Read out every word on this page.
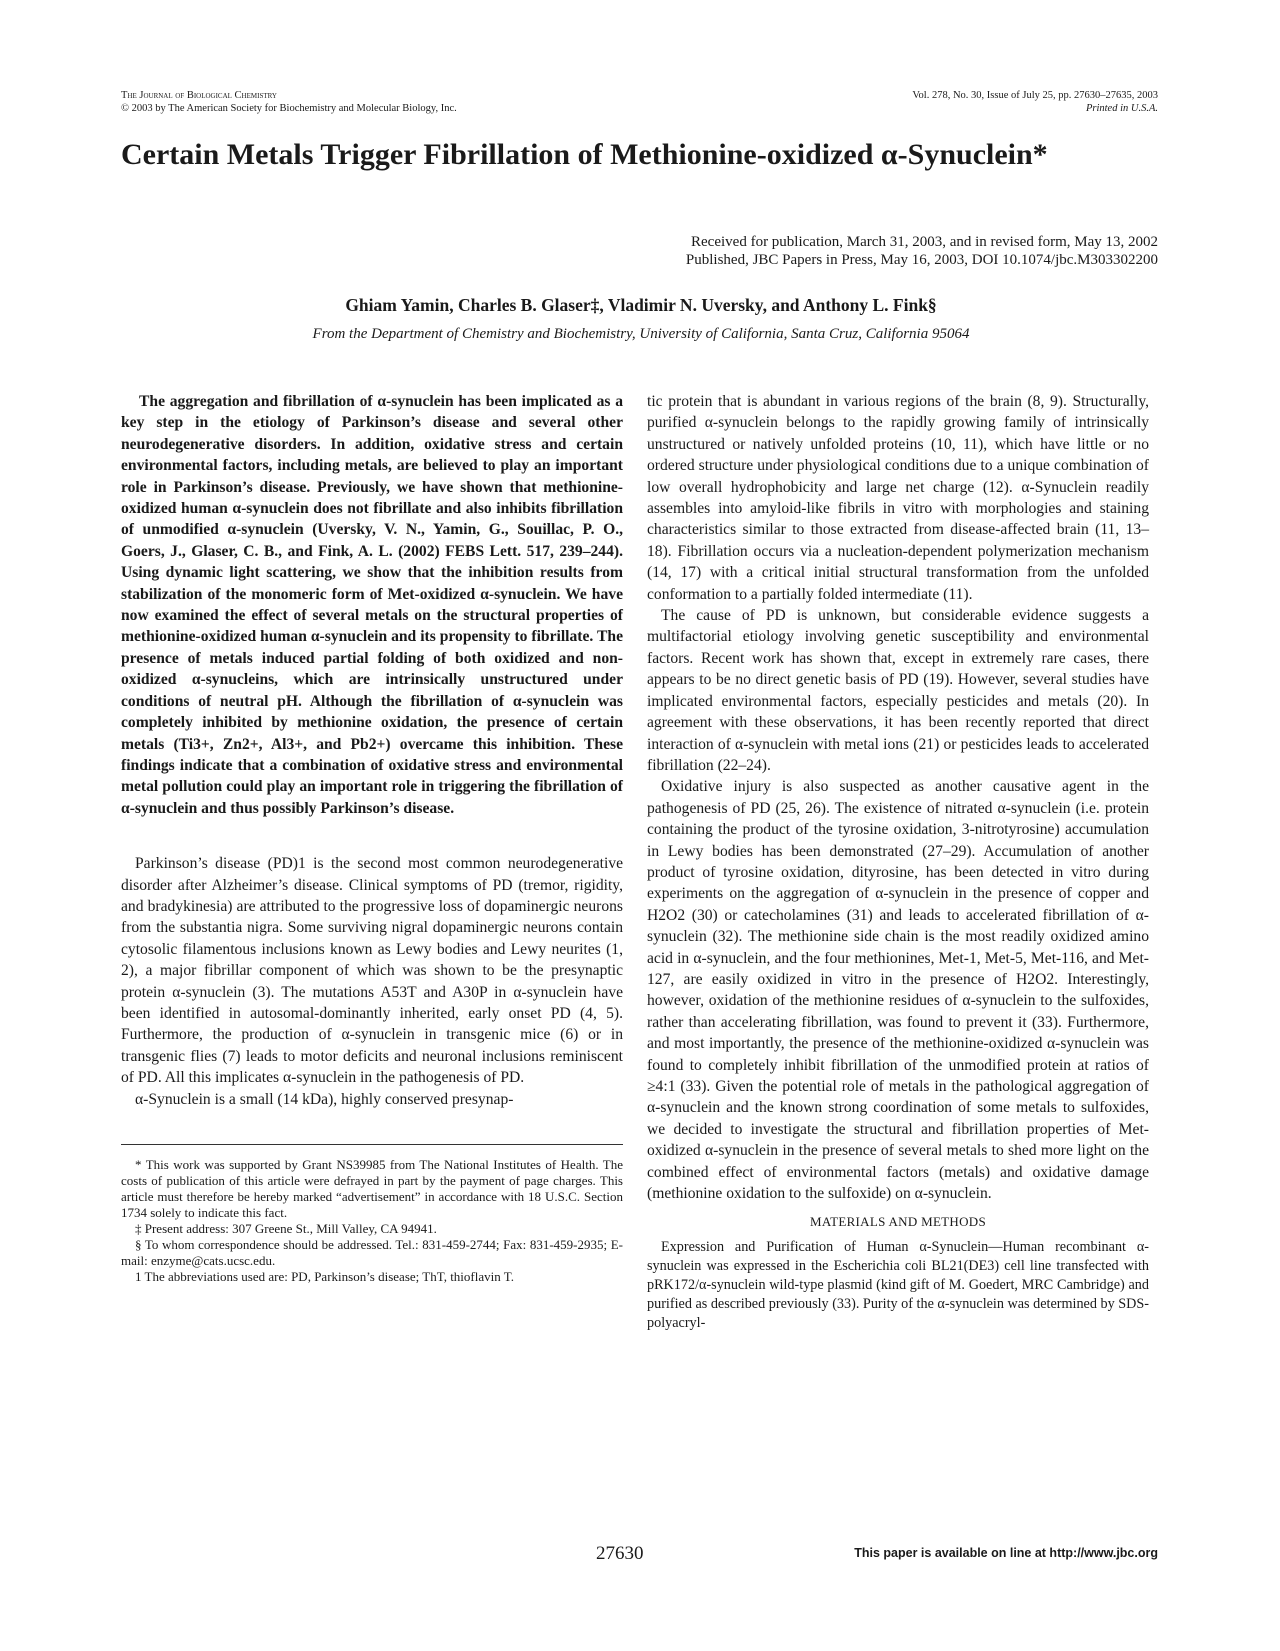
The Journal of Biological Chemistry
© 2003 by The American Society for Biochemistry and Molecular Biology, Inc.
Vol. 278, No. 30, Issue of July 25, pp. 27630–27635, 2003
Printed in U.S.A.
Certain Metals Trigger Fibrillation of Methionine-oxidized α-Synuclein*
Received for publication, March 31, 2003, and in revised form, May 13, 2002
Published, JBC Papers in Press, May 16, 2003, DOI 10.1074/jbc.M303302200
Ghiam Yamin, Charles B. Glaser‡, Vladimir N. Uversky, and Anthony L. Fink§
From the Department of Chemistry and Biochemistry, University of California, Santa Cruz, California 95064

The aggregation and fibrillation of α-synuclein has been implicated as a key step in the etiology of Parkinson’s disease and several other neurodegenerative disorders. In addition, oxidative stress and certain environmental factors, including metals, are believed to play an important role in Parkinson’s disease. Previously, we have shown that methionine-oxidized human α-synuclein does not fibrillate and also inhibits fibrillation of unmodified α-synuclein (Uversky, V. N., Yamin, G., Souillac, P. O., Goers, J., Glaser, C. B., and Fink, A. L. (2002) FEBS Lett. 517, 239–244). Using dynamic light scattering, we show that the inhibition results from stabilization of the monomeric form of Met-oxidized α-synuclein. We have now examined the effect of several metals on the structural properties of methionine-oxidized human α-synuclein and its propensity to fibrillate. The presence of metals induced partial folding of both oxidized and non-oxidized α-synucleins, which are intrinsically unstructured under conditions of neutral pH. Although the fibrillation of α-synuclein was completely inhibited by methionine oxidation, the presence of certain metals (Ti3+, Zn2+, Al3+, and Pb2+) overcame this inhibition. These findings indicate that a combination of oxidative stress and environmental metal pollution could play an important role in triggering the fibrillation of α-synuclein and thus possibly Parkinson’s disease.

Parkinson’s disease (PD)1 is the second most common neurodegenerative disorder after Alzheimer’s disease. Clinical symptoms of PD (tremor, rigidity, and bradykinesia) are attributed to the progressive loss of dopaminergic neurons from the substantia nigra. Some surviving nigral dopaminergic neurons contain cytosolic filamentous inclusions known as Lewy bodies and Lewy neurites (1, 2), a major fibrillar component of which was shown to be the presynaptic protein α-synuclein (3). The mutations A53T and A30P in α-synuclein have been identified in autosomal-dominantly inherited, early onset PD (4, 5). Furthermore, the production of α-synuclein in transgenic mice (6) or in transgenic flies (7) leads to motor deficits and neuronal inclusions reminiscent of PD. All this implicates α-synuclein in the pathogenesis of PD.

α-Synuclein is a small (14 kDa), highly conserved presynap-

* This work was supported by Grant NS39985 from The National Institutes of Health. The costs of publication of this article were defrayed in part by the payment of page charges. This article must therefore be hereby marked “advertisement” in accordance with 18 U.S.C. Section 1734 solely to indicate this fact.

‡ Present address: 307 Greene St., Mill Valley, CA 94941.

§ To whom correspondence should be addressed. Tel.: 831-459-2744; Fax: 831-459-2935; E-mail: enzyme@cats.ucsc.edu.

1 The abbreviations used are: PD, Parkinson’s disease; ThT, thioflavin T.

tic protein that is abundant in various regions of the brain (8, 9). Structurally, purified α-synuclein belongs to the rapidly growing family of intrinsically unstructured or natively unfolded proteins (10, 11), which have little or no ordered structure under physiological conditions due to a unique combination of low overall hydrophobicity and large net charge (12). α-Synuclein readily assembles into amyloid-like fibrils in vitro with morphologies and staining characteristics similar to those extracted from disease-affected brain (11, 13–18). Fibrillation occurs via a nucleation-dependent polymerization mechanism (14, 17) with a critical initial structural transformation from the unfolded conformation to a partially folded intermediate (11).

The cause of PD is unknown, but considerable evidence suggests a multifactorial etiology involving genetic susceptibility and environmental factors. Recent work has shown that, except in extremely rare cases, there appears to be no direct genetic basis of PD (19). However, several studies have implicated environmental factors, especially pesticides and metals (20). In agreement with these observations, it has been recently reported that direct interaction of α-synuclein with metal ions (21) or pesticides leads to accelerated fibrillation (22–24).

Oxidative injury is also suspected as another causative agent in the pathogenesis of PD (25, 26). The existence of nitrated α-synuclein (i.e. protein containing the product of the tyrosine oxidation, 3-nitrotyrosine) accumulation in Lewy bodies has been demonstrated (27–29). Accumulation of another product of tyrosine oxidation, dityrosine, has been detected in vitro during experiments on the aggregation of α-synuclein in the presence of copper and H2O2 (30) or catecholamines (31) and leads to accelerated fibrillation of α-synuclein (32). The methionine side chain is the most readily oxidized amino acid in α-synuclein, and the four methionines, Met-1, Met-5, Met-116, and Met-127, are easily oxidized in vitro in the presence of H2O2. Interestingly, however, oxidation of the methionine residues of α-synuclein to the sulfoxides, rather than accelerating fibrillation, was found to prevent it (33). Furthermore, and most importantly, the presence of the methionine-oxidized α-synuclein was found to completely inhibit fibrillation of the unmodified protein at ratios of ≥4:1 (33). Given the potential role of metals in the pathological aggregation of α-synuclein and the known strong coordination of some metals to sulfoxides, we decided to investigate the structural and fibrillation properties of Met-oxidized α-synuclein in the presence of several metals to shed more light on the combined effect of environmental factors (metals) and oxidative damage (methionine oxidation to the sulfoxide) on α-synuclein.

MATERIALS AND METHODS

Expression and Purification of Human α-Synuclein—Human recombinant α-synuclein was expressed in the Escherichia coli BL21(DE3) cell line transfected with pRK172/α-synuclein wild-type plasmid (kind gift of M. Goedert, MRC Cambridge) and purified as described previously (33). Purity of the α-synuclein was determined by SDS-polyacryl-

27630	This paper is available on line at http://www.jbc.org
